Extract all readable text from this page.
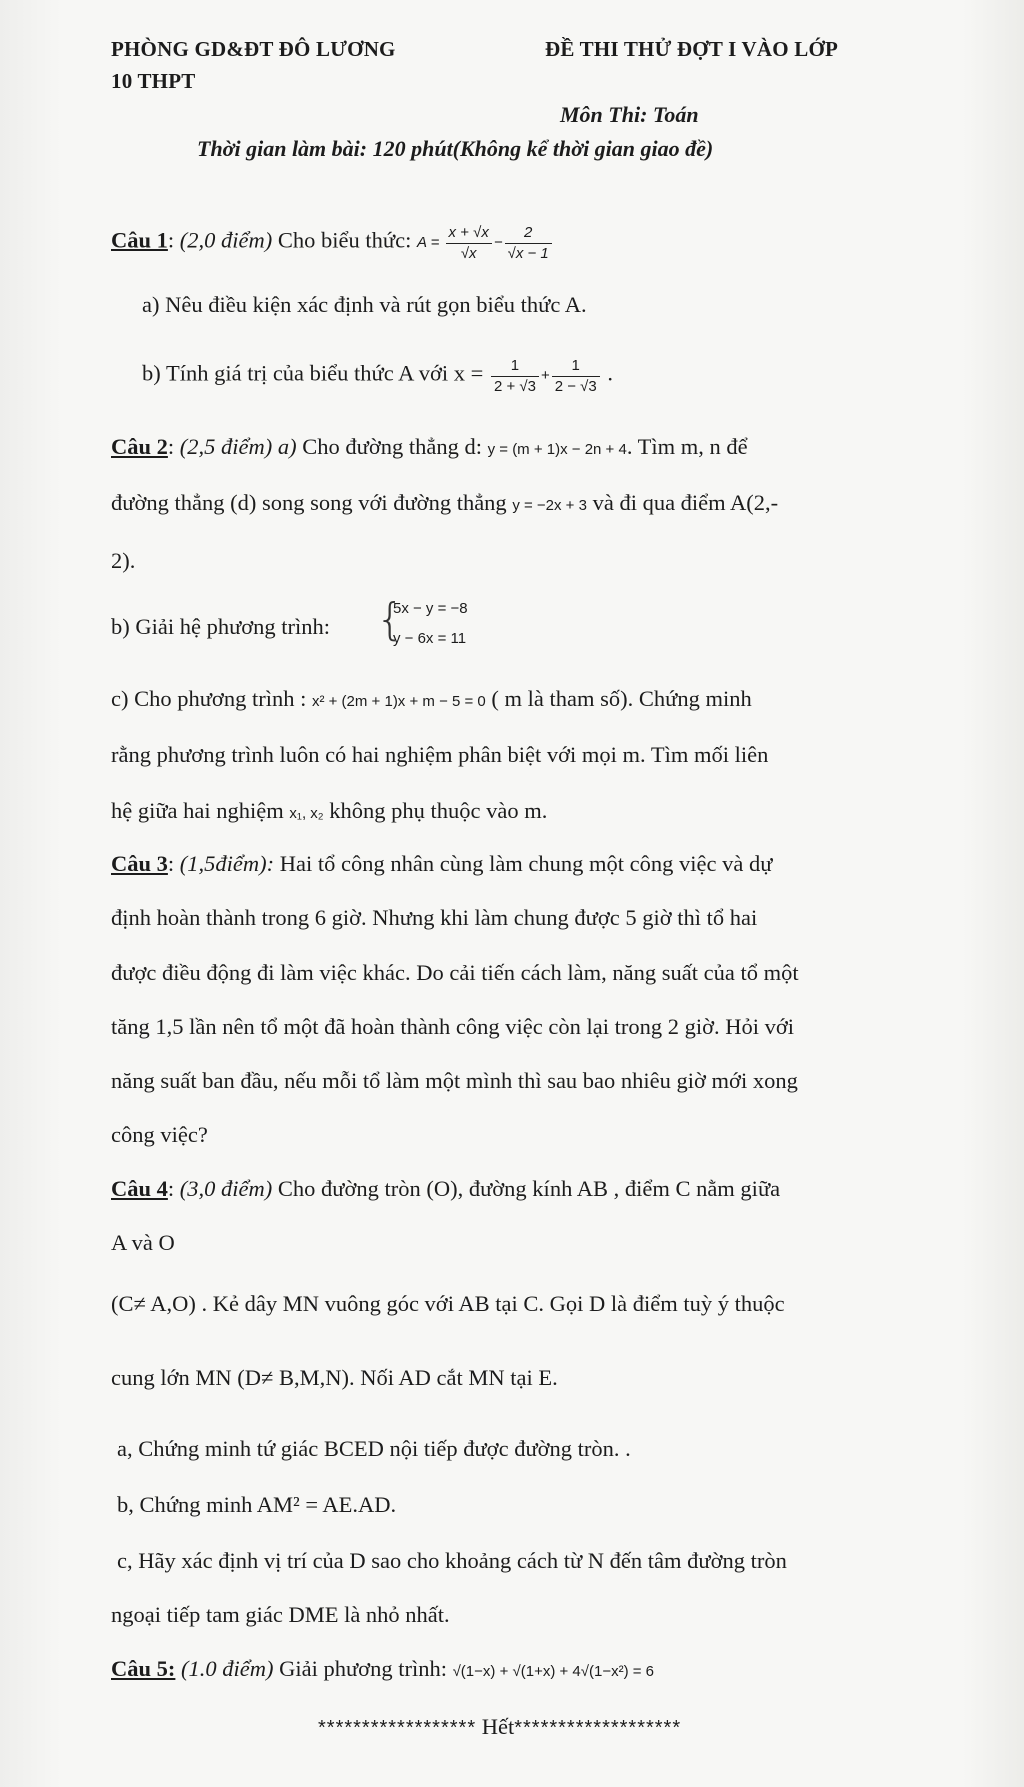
PHÒNG GD&ĐT ĐÔ LƯƠNG	ĐỀ THI THỬ ĐỢT I VÀO LỚP
10 THPT
Môn Thi: Toán
Thời gian làm bài: 120 phút(Không kể thời gian giao đề)
Câu 1: (2,0 điểm) Cho biểu thức: $A = \frac{x + √x}{√x} - \frac{2}{√x - 1}$
a) Nêu điều kiện xác định và rút gọn biểu thức A.
b) Tính giá trị của biểu thức A với $x = \frac{1}{2 + √3} + \frac{1}{2 - √3}$ .
Câu 2: (2,5 điểm) a) Cho đường thẳng d: y = (m + 1)x − 2n + 4. Tìm m, n để
đường thẳng (d) song song với đường thẳng y = −2x + 3 và đi qua điểm A(2,-
2).
b) Giải hệ phương trình: {
5x − y = −8
y − 6x = 11
c) Cho phương trình : x² + (2m + 1)x + m − 5 = 0 ( m là tham số). Chứng minh
rằng phương trình luôn có hai nghiệm phân biệt với mọi m. Tìm mối liên
hệ giữa hai nghiệm x₁, x₂ không phụ thuộc vào m.
Câu 3: (1,5điểm): Hai tổ công nhân cùng làm chung một công việc và dự
định hoàn thành trong 6 giờ. Nhưng khi làm chung được 5 giờ thì tổ hai
được điều động đi làm việc khác. Do cải tiến cách làm, năng suất của tổ một
tăng 1,5 lần nên tổ một đã hoàn thành công việc còn lại trong 2 giờ. Hỏi với
năng suất ban đầu, nếu mỗi tổ làm một mình thì sau bao nhiêu giờ mới xong
công việc?
Câu 4: (3,0 điểm) Cho đường tròn (O), đường kính AB , điểm C nằm giữa
A và O
(C≠ A,O) . Kẻ dây MN vuông góc với AB tại C. Gọi D là điểm tuỳ ý thuộc
cung lớn MN (D≠ B,M,N). Nối AD cắt MN tại E.
a, Chứng minh tứ giác BCED nội tiếp được đường tròn. .
b, Chứng minh AM² = AE.AD.
c, Hãy xác định vị trí của D sao cho khoảng cách từ N đến tâm đường tròn
ngoại tiếp tam giác DME là nhỏ nhất.
Câu 5: (1.0 điểm) Giải phương trình: √(1−x) + √(1+x) + 4√(1−x²) = 6
****************** Hết*******************
